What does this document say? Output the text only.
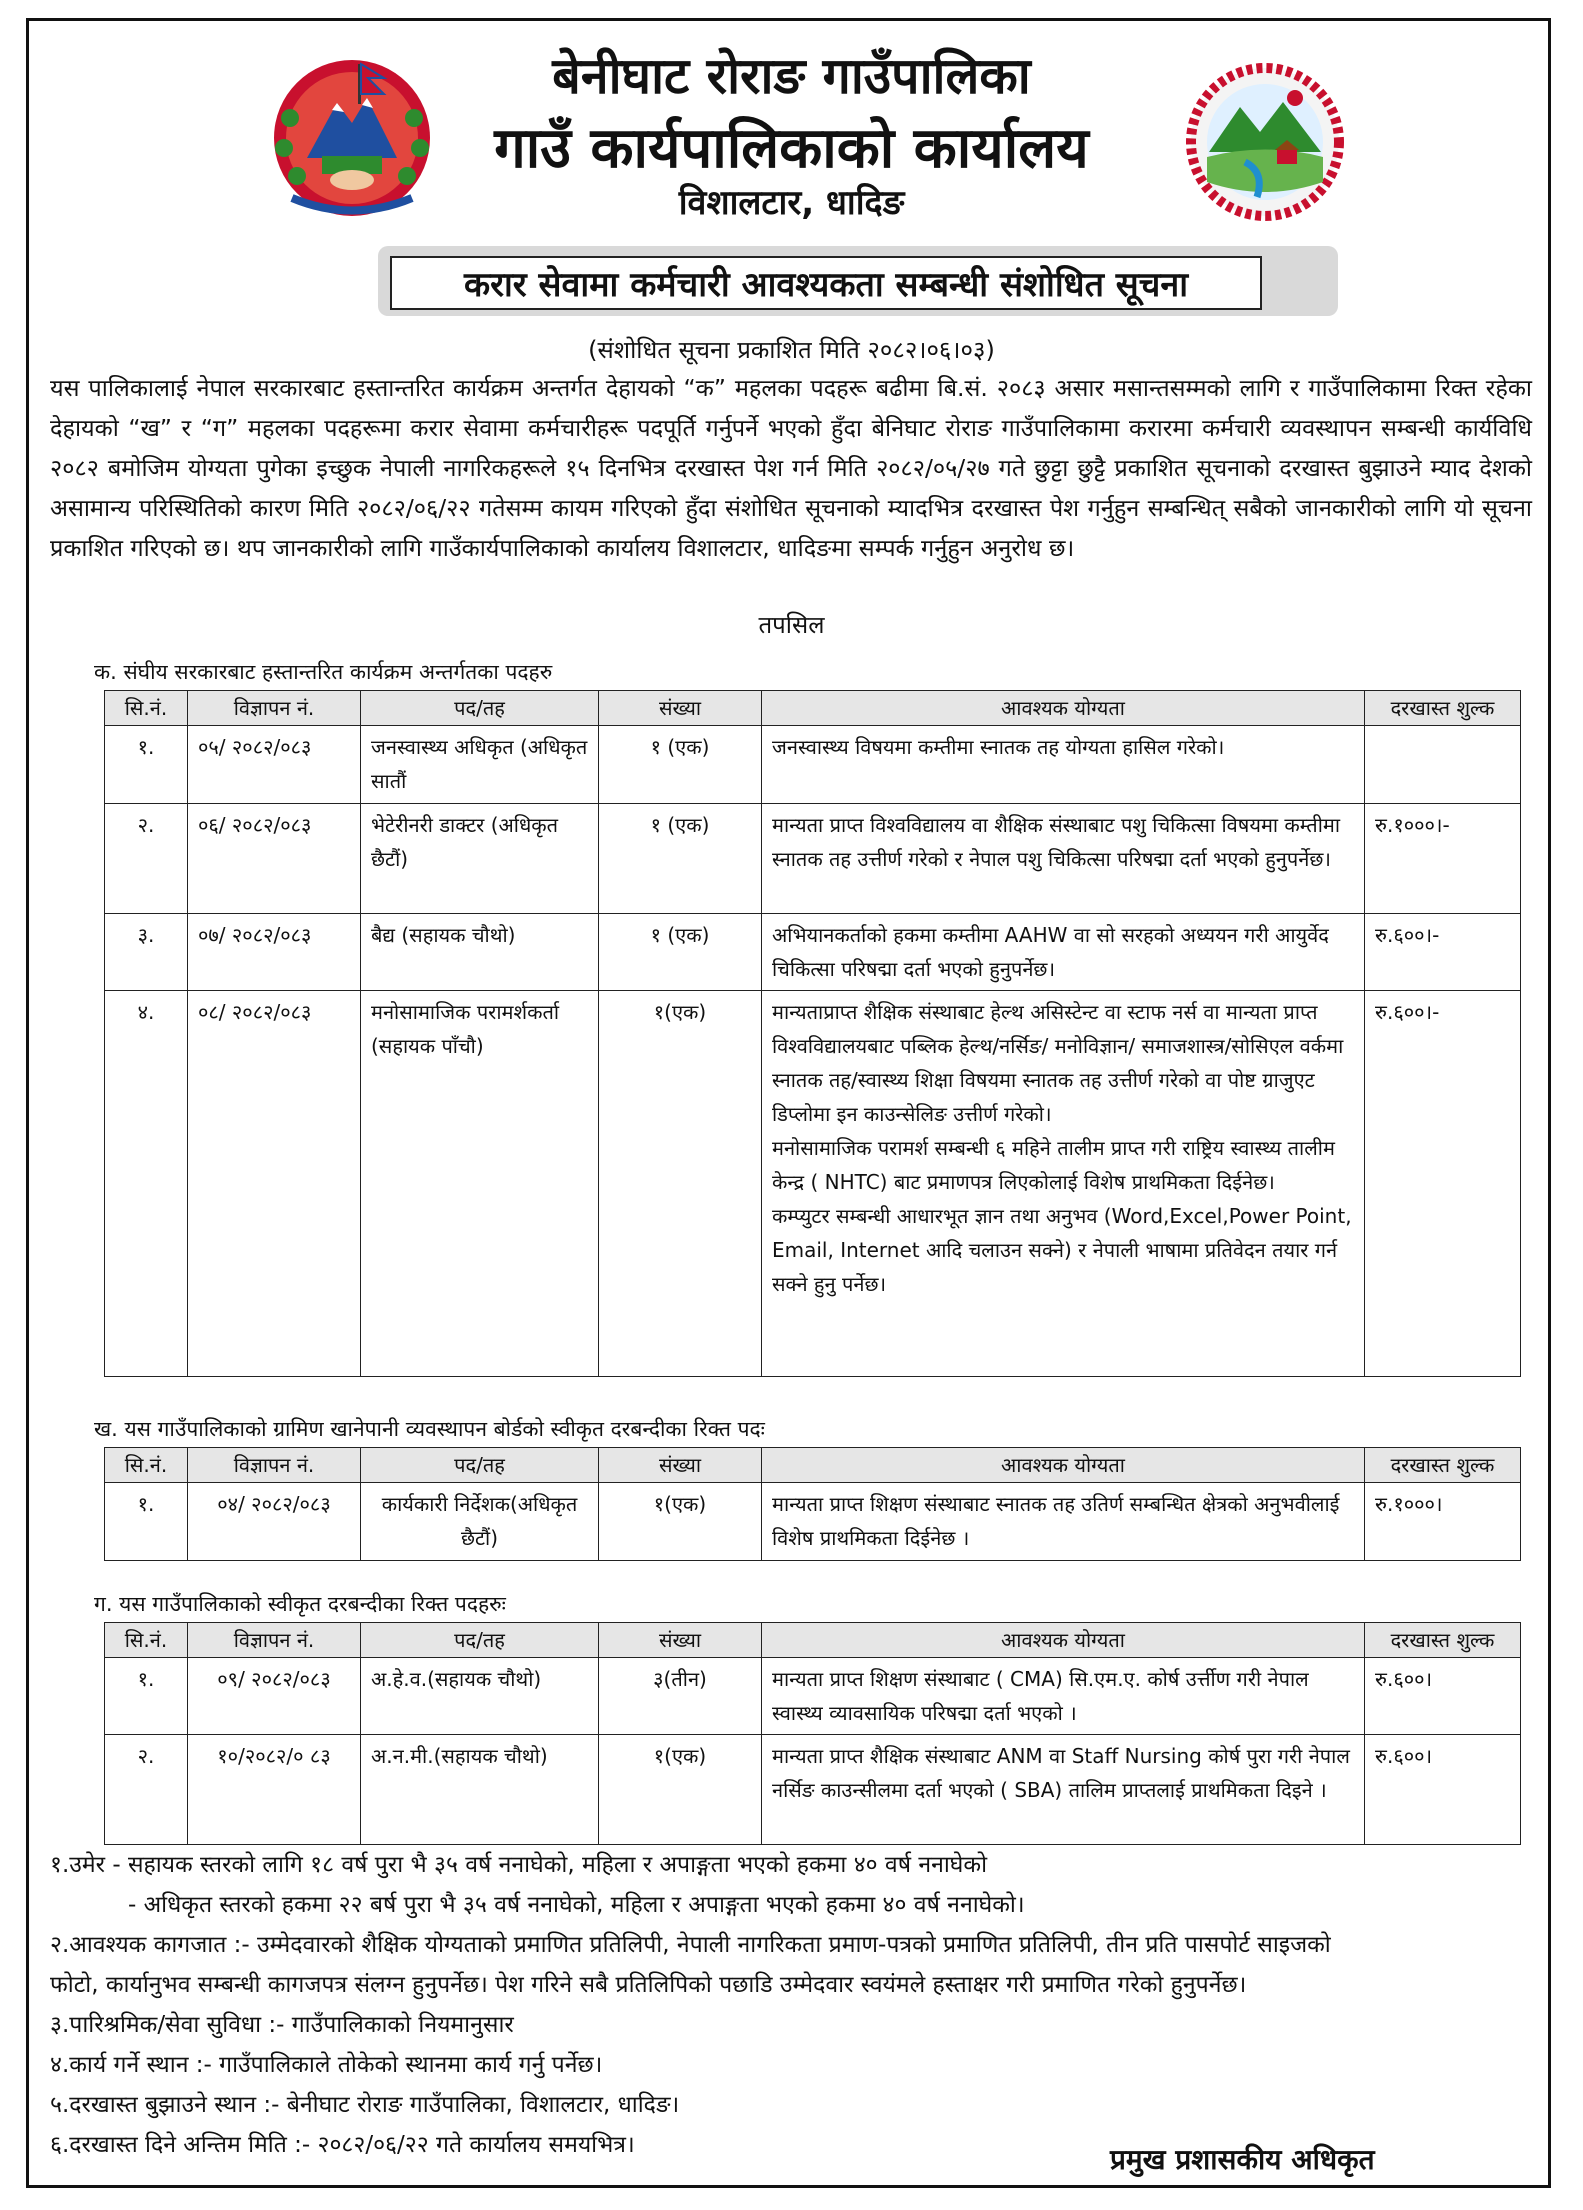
बेनीघाट रोराङ गाउँपालिका
गाउँ कार्यपालिकाको कार्यालय
विशालटार, धादिङ
करार सेवामा कर्मचारी आवश्यकता सम्बन्धी संशोधित सूचना
(संशोधित सूचना प्रकाशित मिति २०८२।०६।०३)
यस पालिकालाई नेपाल सरकारबाट हस्तान्तरित कार्यक्रम अन्तर्गत देहायको “क” महलका पदहरू बढीमा बि.सं. २०८३ असार मसान्तसम्मको लागि र गाउँपालिकामा रिक्त रहेका देहायको “ख” र “ग” महलका पदहरूमा करार सेवामा कर्मचारीहरू पदपूर्ति गर्नुपर्ने भएको हुँदा बेनिघाट रोराङ गाउँपालिकामा करारमा कर्मचारी व्यवस्थापन सम्बन्धी कार्यविधि २०८२ बमोजिम योग्यता पुगेका इच्छुक नेपाली नागरिकहरूले १५ दिनभित्र दरखास्त पेश गर्न मिति २०८२/०५/२७ गते छुट्टा छुट्टै प्रकाशित सूचनाको दरखास्त बुझाउने म्याद देशको असामान्य परिस्थितिको कारण मिति २०८२/०६/२२ गतेसम्म कायम गरिएको हुँदा संशोधित सूचनाको म्यादभित्र दरखास्त पेश गर्नुहुन सम्बन्धित् सबैको जानकारीको लागि यो सूचना प्रकाशित गरिएको छ। थप जानकारीको लागि गाउँकार्यपालिकाको कार्यालय विशालटार, धादिङमा सम्पर्क गर्नुहुन अनुरोध छ।
तपसिल
क. संघीय सरकारबाट हस्तान्तरित कार्यक्रम अन्तर्गतका पदहरु
सि.नं.	विज्ञापन नं.	पद/तह	संख्या	आवश्यक योग्यता	दरखास्त शुल्क
१.	०५/ २०८२/०८३	जनस्वास्थ्य अधिकृत (अधिकृत सातौं	१ (एक)	जनस्वास्थ्य विषयमा कम्तीमा स्नातक तह योग्यता हासिल गरेको।	
२.	०६/ २०८२/०८३	भेटेरीनरी डाक्टर (अधिकृत छैटौं)	१ (एक)	मान्यता प्राप्त विश्वविद्यालय वा शैक्षिक संस्थाबाट पशु चिकित्सा विषयमा कम्तीमा स्नातक तह उत्तीर्ण गरेको र नेपाल पशु चिकित्सा परिषद्मा दर्ता भएको हुनुपर्नेछ।	रु.१०००।-
३.	०७/ २०८२/०८३	बैद्य (सहायक चौथो)	१ (एक)	अभियानकर्ताको हकमा कम्तीमा AAHW वा सो सरहको अध्ययन गरी आयुर्वेद चिकित्सा परिषद्मा दर्ता भएको हुनुपर्नेछ।	रु.६००।-
४.	०८/ २०८२/०८३	मनोसामाजिक परामर्शकर्ता (सहायक पाँचौ)	१(एक)	मान्यताप्राप्त शैक्षिक संस्थाबाट हेल्थ असिस्टेन्ट वा स्टाफ नर्स वा मान्यता प्राप्त विश्वविद्यालयबाट पब्लिक हेल्थ/नर्सिङ/ मनोविज्ञान/ समाजशास्त्र/सोसिएल वर्कमा स्नातक तह/स्वास्थ्य शिक्षा विषयमा स्नातक तह उत्तीर्ण गरेको वा पोष्ट ग्राजुएट डिप्लोमा इन काउन्सेलिङ उत्तीर्ण गरेको।
मनोसामाजिक परामर्श सम्बन्धी ६ महिने तालीम प्राप्त गरी राष्ट्रिय स्वास्थ्य तालीम केन्द्र ( NHTC) बाट प्रमाणपत्र लिएकोलाई विशेष प्राथमिकता दिईनेछ।
कम्प्युटर सम्बन्धी आधारभूत ज्ञान तथा अनुभव (Word,Excel,Power Point, Email, Internet आदि चलाउन सक्ने) र नेपाली भाषामा प्रतिवेदन तयार गर्न सक्ने हुनु पर्नेछ।	रु.६००।-
ख. यस गाउँपालिकाको ग्रामिण खानेपानी व्यवस्थापन बोर्डको स्वीकृत दरबन्दीका रिक्त पदः
सि.नं.	विज्ञापन नं.	पद/तह	संख्या	आवश्यक योग्यता	दरखास्त शुल्क
१.	०४/ २०८२/०८३	कार्यकारी निर्देशक(अधिकृत छैटौं)	१(एक)	मान्यता प्राप्त शिक्षण संस्थाबाट स्नातक तह उतिर्ण सम्बन्धित क्षेत्रको अनुभवीलाई विशेष प्राथमिकता दिईनेछ ।	रु.१०००।
ग. यस गाउँपालिकाको स्वीकृत दरबन्दीका रिक्त पदहरुः
सि.नं.	विज्ञापन नं.	पद/तह	संख्या	आवश्यक योग्यता	दरखास्त शुल्क
१.	०९/ २०८२/०८३	अ.हे.व.(सहायक चौथो)	३(तीन)	मान्यता प्राप्त शिक्षण संस्थाबाट ( CMA) सि.एम.ए. कोर्ष उर्त्तीण गरी नेपाल स्वास्थ्य व्यावसायिक परिषद्मा दर्ता भएको ।	रु.६००।
२.	१०/२०८२/० ८३	अ.न.मी.(सहायक चौथो)	१(एक)	मान्यता प्राप्त शैक्षिक संस्थाबाट ANM वा Staff Nursing कोर्ष पुरा गरी नेपाल नर्सिङ काउन्सीलमा दर्ता भएको ( SBA) तालिम प्राप्तलाई प्राथमिकता दिइने ।	रु.६००।
१.उमेर - सहायक स्तरको लागि १८ वर्ष पुरा भै ३५ वर्ष ननाघेको, महिला र अपाङ्गता भएको हकमा ४० वर्ष ननाघेको
- अधिकृत स्तरको हकमा २२ बर्ष पुरा भै ३५ वर्ष ननाघेको, महिला र अपाङ्गता भएको हकमा ४० वर्ष ननाघेको।
२.आवश्यक कागजात :- उम्मेदवारको शैक्षिक योग्यताको प्रमाणित प्रतिलिपी, नेपाली नागरिकता प्रमाण-पत्रको प्रमाणित प्रतिलिपी, तीन प्रति पासपोर्ट साइजको
फोटो, कार्यानुभव सम्बन्धी कागजपत्र संलग्न हुनुपर्नेछ। पेश गरिने सबै प्रतिलिपिको पछाडि उम्मेदवार स्वयंमले हस्ताक्षर गरी प्रमाणित गरेको हुनुपर्नेछ।
३.पारिश्रमिक/सेवा सुविधा :- गाउँपालिकाको नियमानुसार
४.कार्य गर्ने स्थान :- गाउँपालिकाले तोकेको स्थानमा कार्य गर्नु पर्नेछ।
५.दरखास्त बुझाउने स्थान :- बेनीघाट रोराङ गाउँपालिका, विशालटार, धादिङ।
६.दरखास्त दिने अन्तिम मिति :- २०८२/०६/२२ गते कार्यालय समयभित्र।	प्रमुख प्रशासकीय अधिकृत
